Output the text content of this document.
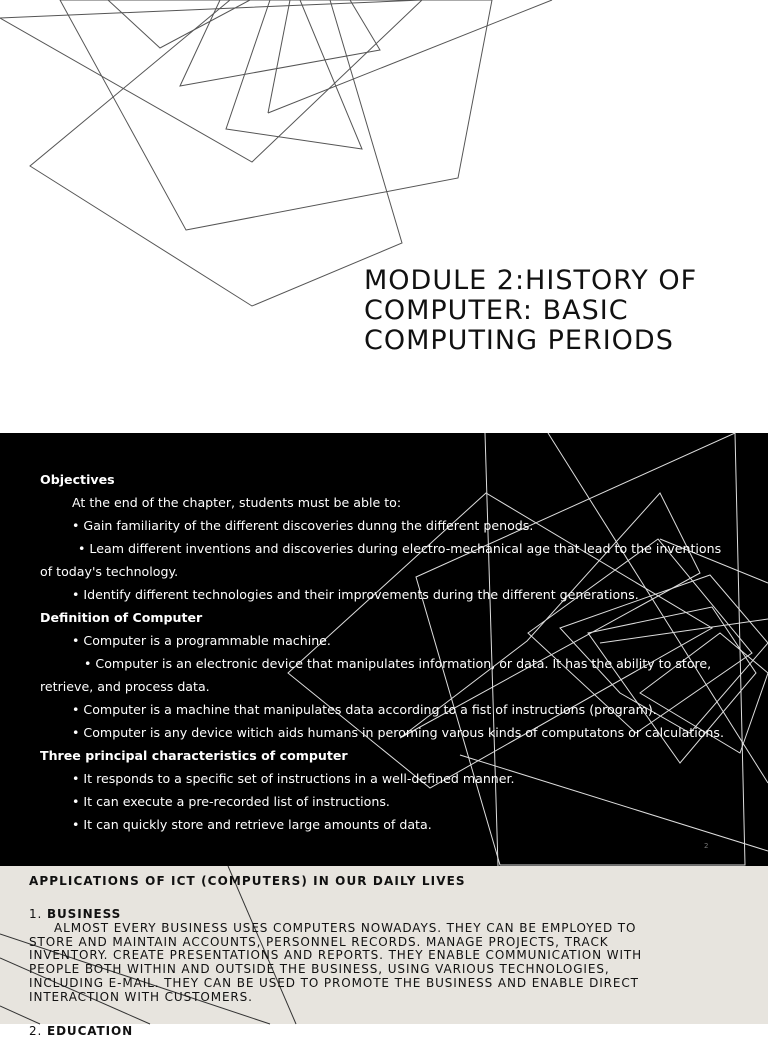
MODULE 2:HISTORY OF
COMPUTER: BASIC
COMPUTING PERIODS
Objectives
At the end of the chapter, students must be able to:
• Gain familiarity of the different discoveries dunng the different penods.
• Leam different inventions and discoveries during electro-mechanical age that lead to the inventions
of today's technology.
• Identify different technologies and their improvements during the different generations.
Definition of Computer
• Computer is a programmable machine.
• Computer is an electronic device that manipulates information, or data. It has the ability to store,
retrieve, and process data.
• Computer is a machine that manipulates data according to a fist of instructions (program).
• Computer is any device witich aids humans in peroming varous kinds of computatons or calculations.
Three principal characteristics of computer
• It responds to a specific set of instructions in a well-defined manner.
• It can execute a pre-recorded list of instructions.
• It can quickly store and retrieve large amounts of data.
2
APPLICATIONS OF ICT (COMPUTERS) IN OUR DAILY LIVES
1. BUSINESS
ALMOST EVERY BUSINESS USES COMPUTERS NOWADAYS. THEY CAN BE EMPLOYED TO
STORE AND MAINTAIN ACCOUNTS, PERSONNEL RECORDS. MANAGE PROJECTS, TRACK
INVENTORY. CREATE PRESENTATIONS AND REPORTS. THEY ENABLE COMMUNICATION WITH
PEOPLE BOTH WITHIN AND OUTSIDE THE BUSINESS, USING VARIOUS TECHNOLOGIES,
INCLUDING E-MAIL. THEY CAN BE USED TO PROMOTE THE BUSINESS AND ENABLE DIRECT
INTERACTION WITH CUSTOMERS.
2. EDUCATION
